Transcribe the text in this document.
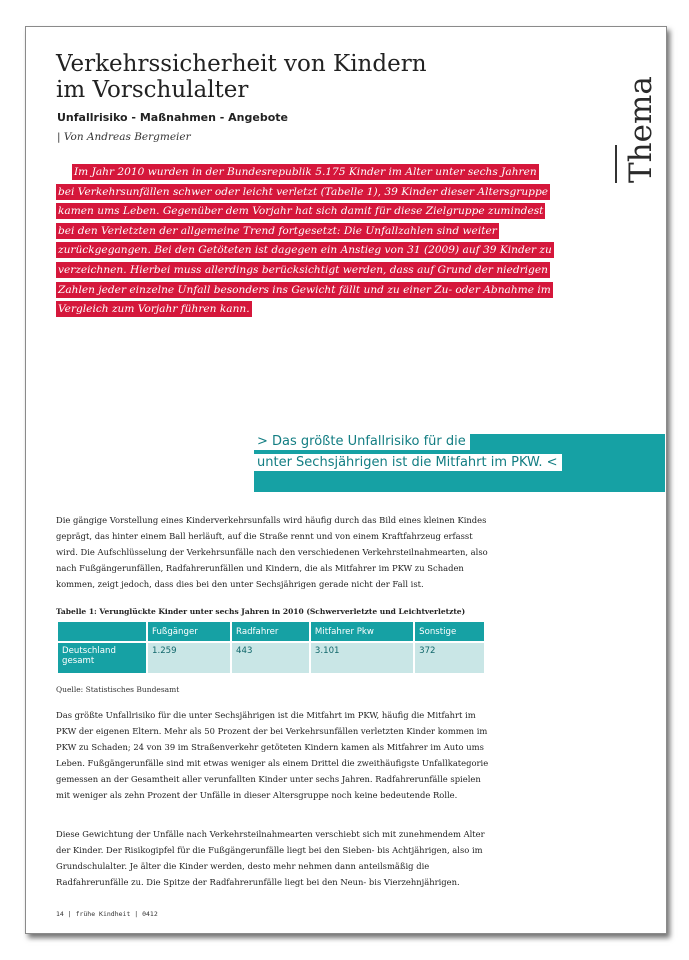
Verkehrssicherheit von Kindern
im Vorschulalter
Unfallrisiko - Maßnahmen - Angebote
| Von Andreas Bergmeier	Thema

Im Jahr 2010 wurden in der Bundesrepublik 5.175 Kinder im Alter unter sechs Jahren bei Verkehrsunfällen schwer oder leicht verletzt (Tabelle 1), 39 Kinder dieser Altersgruppe kamen ums Leben. Gegenüber dem Vorjahr hat sich damit für diese Zielgruppe zumindest bei den Verletzten der allgemeine Trend fortgesetzt: Die Unfallzahlen sind weiter zurückgegangen. Bei den Getöteten ist dagegen ein Anstieg von 31 (2009) auf 39 Kinder zu verzeichnen. Hierbei muss allerdings berücksichtigt werden, dass auf Grund der niedrigen Zahlen jeder einzelne Unfall besonders ins Gewicht fällt und zu einer Zu- oder Abnahme im Vergleich zum Vorjahr führen kann.

> Das größte Unfallrisiko für die
unter Sechsjährigen ist die Mitfahrt im PKW. <

Die gängige Vorstellung eines Kinderverkehrsunfalls wird häufig durch das Bild eines kleinen Kindes geprägt, das hinter einem Ball herläuft, auf die Straße rennt und von einem Kraftfahrzeug erfasst wird. Die Aufschlüsselung der Verkehrsunfälle nach den verschiedenen Verkehrsteilnahmearten, also nach Fußgängerunfällen, Radfahrerunfällen und Kindern, die als Mitfahrer im PKW zu Schaden kommen, zeigt jedoch, dass dies bei den unter Sechsjährigen gerade nicht der Fall ist.

Tabelle 1: Verunglückte Kinder unter sechs Jahren in 2010 (Schwerverletzte und Leichtverletzte)
	Fußgänger	Radfahrer	Mitfahrer Pkw	Sonstige
Deutschland gesamt	1.259	443	3.101	372
Quelle: Statistisches Bundesamt

Das größte Unfallrisiko für die unter Sechsjährigen ist die Mitfahrt im PKW, häufig die Mitfahrt im PKW der eigenen Eltern. Mehr als 50 Prozent der bei Verkehrsunfällen verletzten Kinder kommen im PKW zu Schaden; 24 von 39 im Straßenverkehr getöteten Kindern kamen als Mitfahrer im Auto ums Leben. Fußgängerunfälle sind mit etwas weniger als einem Drittel die zweithäufigste Unfallkategorie gemessen an der Gesamtheit aller verunfallten Kinder unter sechs Jahren. Radfahrerunfälle spielen mit weniger als zehn Prozent der Unfälle in dieser Altersgruppe noch keine bedeutende Rolle.

Diese Gewichtung der Unfälle nach Verkehrsteilnahmearten verschiebt sich mit zunehmendem Alter der Kinder. Der Risikogipfel für die Fußgängerunfälle liegt bei den Sieben- bis Achtjährigen, also im Grundschulalter. Je älter die Kinder werden, desto mehr nehmen dann anteilsmäßig die Radfahrerunfälle zu. Die Spitze der Radfahrerunfälle liegt bei den Neun- bis Vierzehnjährigen.

14 | frühe Kindheit | 0412
